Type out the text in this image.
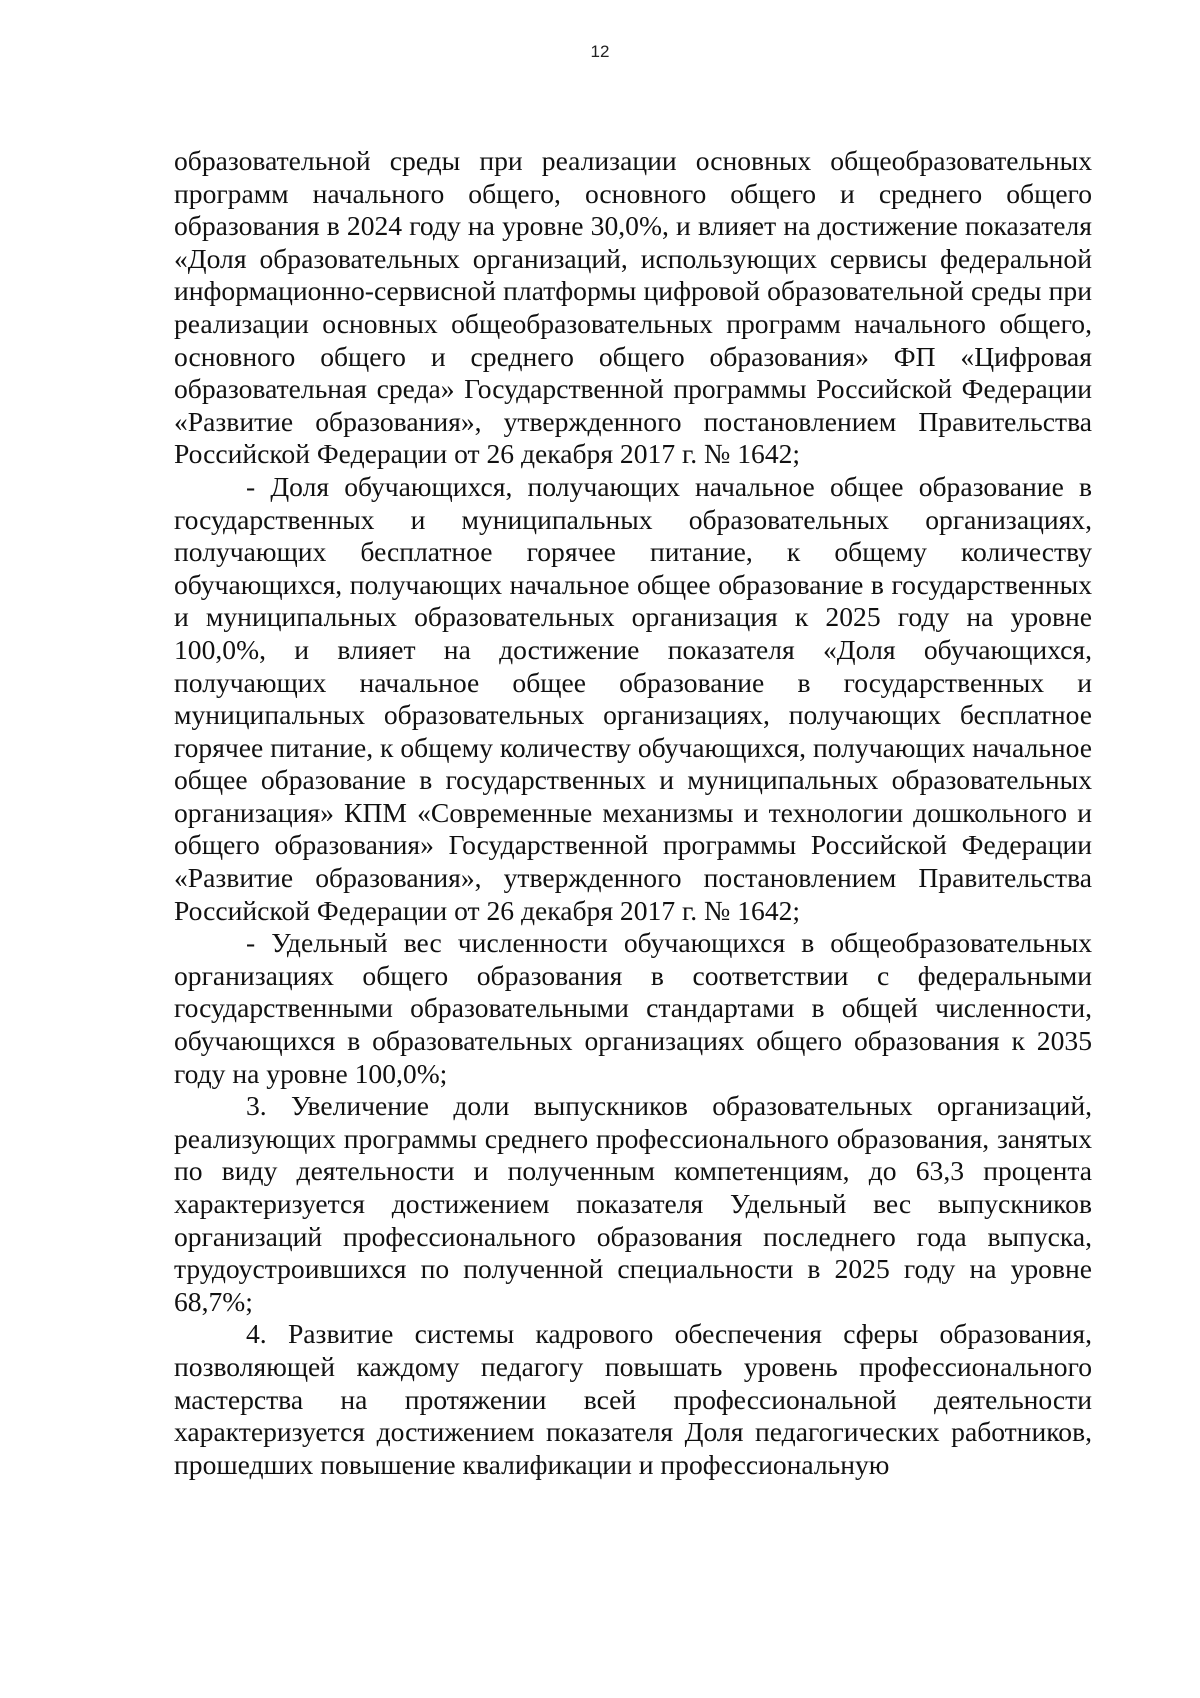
12

образовательной среды при реализации основных общеобразовательных программ начального общего, основного общего и среднего общего образования в 2024 году на уровне 30,0%, и влияет на достижение показателя «Доля образовательных организаций, использующих сервисы федеральной информационно-сервисной платформы цифровой образовательной среды при реализации основных общеобразовательных программ начального общего, основного общего и среднего общего образования» ФП «Цифровая образовательная среда» Государственной программы Российской Федерации «Развитие образования», утвержденного постановлением Правительства Российской Федерации от 26 декабря 2017 г. № 1642;

- Доля обучающихся, получающих начальное общее образование в государственных и муниципальных образовательных организациях, получающих бесплатное горячее питание, к общему количеству обучающихся, получающих начальное общее образование в государственных и муниципальных образовательных организация к 2025 году на уровне 100,0%, и влияет на достижение показателя «Доля обучающихся, получающих начальное общее образование в государственных и муниципальных образовательных организациях, получающих бесплатное горячее питание, к общему количеству обучающихся, получающих начальное общее образование в государственных и муниципальных образовательных организация» КПМ «Современные механизмы и технологии дошкольного и общего образования» Государственной программы Российской Федерации «Развитие образования», утвержденного постановлением Правительства Российской Федерации от 26 декабря 2017 г. № 1642;

- Удельный вес численности обучающихся в общеобразовательных организациях общего образования в соответствии с федеральными государственными образовательными стандартами в общей численности, обучающихся в образовательных организациях общего образования к 2035 году на уровне 100,0%;

3. Увеличение доли выпускников образовательных организаций, реализующих программы среднего профессионального образования, занятых по виду деятельности и полученным компетенциям, до 63,3 процента характеризуется достижением показателя Удельный вес выпускников организаций профессионального образования последнего года выпуска, трудоустроившихся по полученной специальности в 2025 году на уровне 68,7%;

4. Развитие системы кадрового обеспечения сферы образования, позволяющей каждому педагогу повышать уровень профессионального мастерства на протяжении всей профессиональной деятельности характеризуется достижением показателя Доля педагогических работников, прошедших повышение квалификации и профессиональную
